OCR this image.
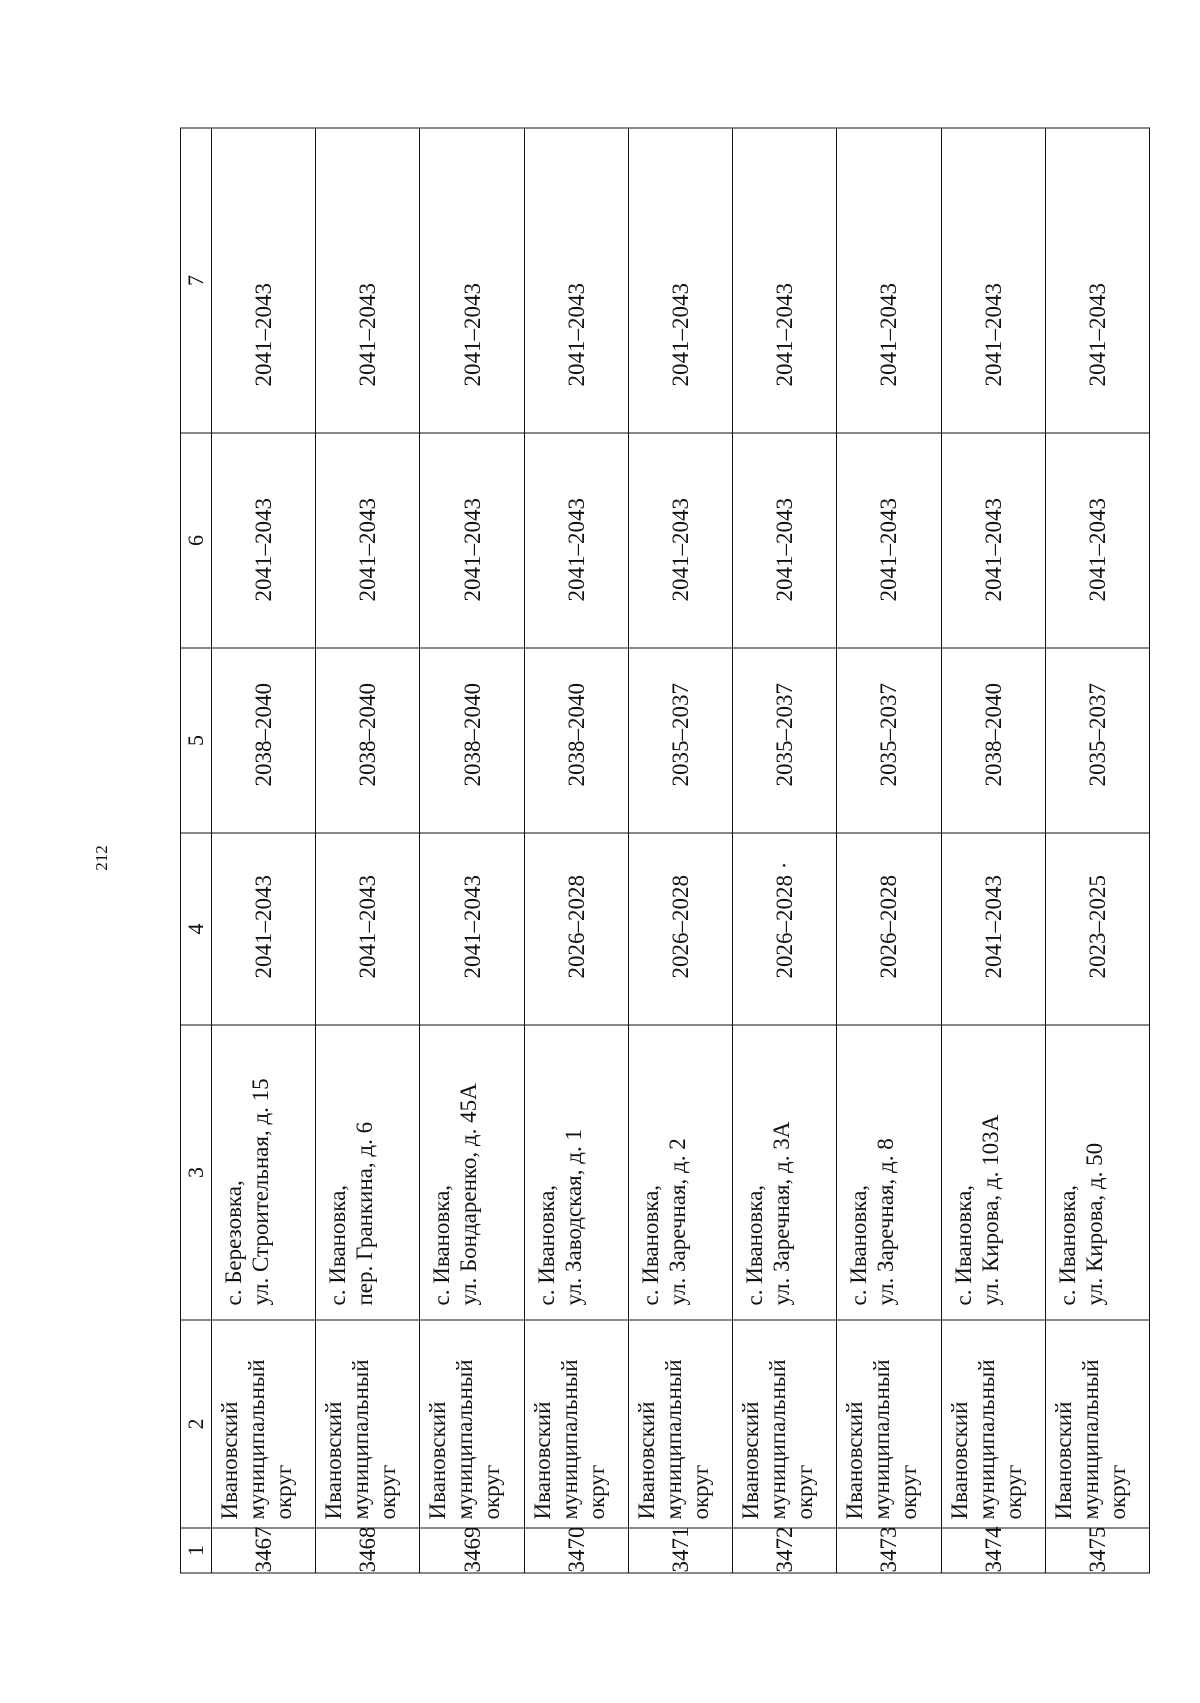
212
1	2	3	4	5	6	7
3467	Ивановский муниципальный округ	с. Березовка, ул. Строительная, д. 15	2041–2043	2038–2040	2041–2043	2041–2043
3468	Ивановский муниципальный округ	с. Ивановка, пер. Гранкина, д. 6	2041–2043	2038–2040	2041–2043	2041–2043
3469	Ивановский муниципальный округ	с. Ивановка, ул. Бондаренко, д. 45А	2041–2043	2038–2040	2041–2043	2041–2043
3470	Ивановский муниципальный округ	с. Ивановка, ул. Заводская, д. 1	2026–2028	2038–2040	2041–2043	2041–2043
3471	Ивановский муниципальный округ	с. Ивановка, ул. Заречная, д. 2	2026–2028	2035–2037	2041–2043	2041–2043
3472	Ивановский муниципальный округ	с. Ивановка, ул. Заречная, д. 3А	2026–2028 ·	2035–2037	2041–2043	2041–2043
3473	Ивановский муниципальный округ	с. Ивановка, ул. Заречная, д. 8	2026–2028	2035–2037	2041–2043	2041–2043
3474	Ивановский муниципальный округ	с. Ивановка, ул. Кирова, д. 103А	2041–2043	2038–2040	2041–2043	2041–2043
3475	Ивановский муниципальный округ	с. Ивановка, ул. Кирова, д. 50	2023–2025	2035–2037	2041–2043	2041–2043
